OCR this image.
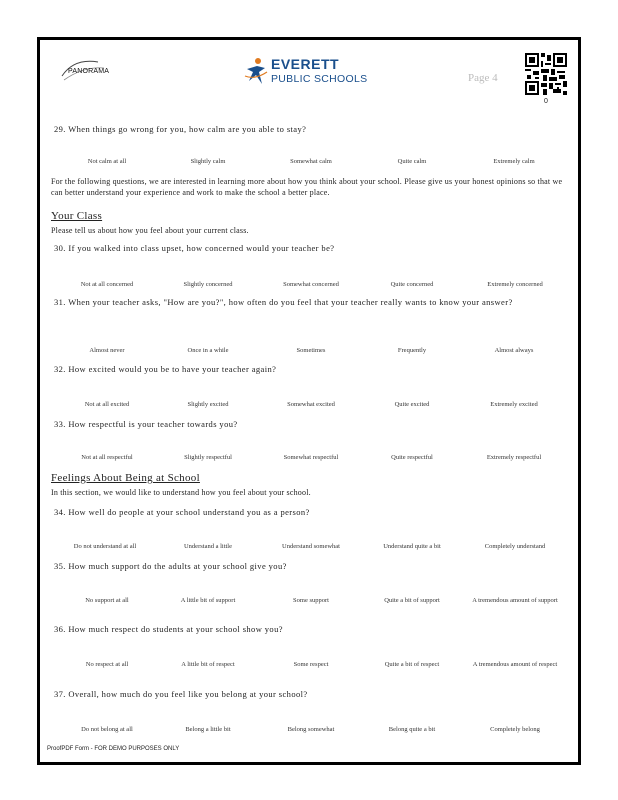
PANORAMA	EVERETT
PUBLIC SCHOOLS	Page 4
0
29. When things go wrong for you, how calm are you able to stay?
Not calm at all	Slightly calm	Somewhat calm	Quite calm	Extremely calm
For the following questions, we are interested in learning more about how you think about your school. Please give us your honest opinions so that we can better understand your experience and work to make the school a better place.
Your Class
Please tell us about how you feel about your current class.
30. If you walked into class upset, how concerned would your teacher be?
Not at all concerned	Slightly concerned	Somewhat concerned	Quite concerned	Extremely concerned
31. When your teacher asks, "How are you?", how often do you feel that your teacher really wants to know your answer?
Almost never	Once in a while	Sometimes	Frequently	Almost always
32. How excited would you be to have your teacher again?
Not at all excited	Slightly excited	Somewhat excited	Quite excited	Extremely excited
33. How respectful is your teacher towards you?
Not at all respectful	Slightly respectful	Somewhat respectful	Quite respectful	Extremely respectful
Feelings About Being at School
In this section, we would like to understand how you feel about your school.
34. How well do people at your school understand you as a person?
Do not understand at all	Understand a little	Understand somewhat	Understand quite a bit	Completely understand
35. How much support do the adults at your school give you?
No support at all	A little bit of support	Some support	Quite a bit of support	A tremendous amount of support
36. How much respect do students at your school show you?
No respect at all	A little bit of respect	Some respect	Quite a bit of respect	A tremendous amount of respect
37. Overall, how much do you feel like you belong at your school?
Do not belong at all	Belong a little bit	Belong somewhat	Belong quite a bit	Completely belong
ProofPDF Form - FOR DEMO PURPOSES ONLY
